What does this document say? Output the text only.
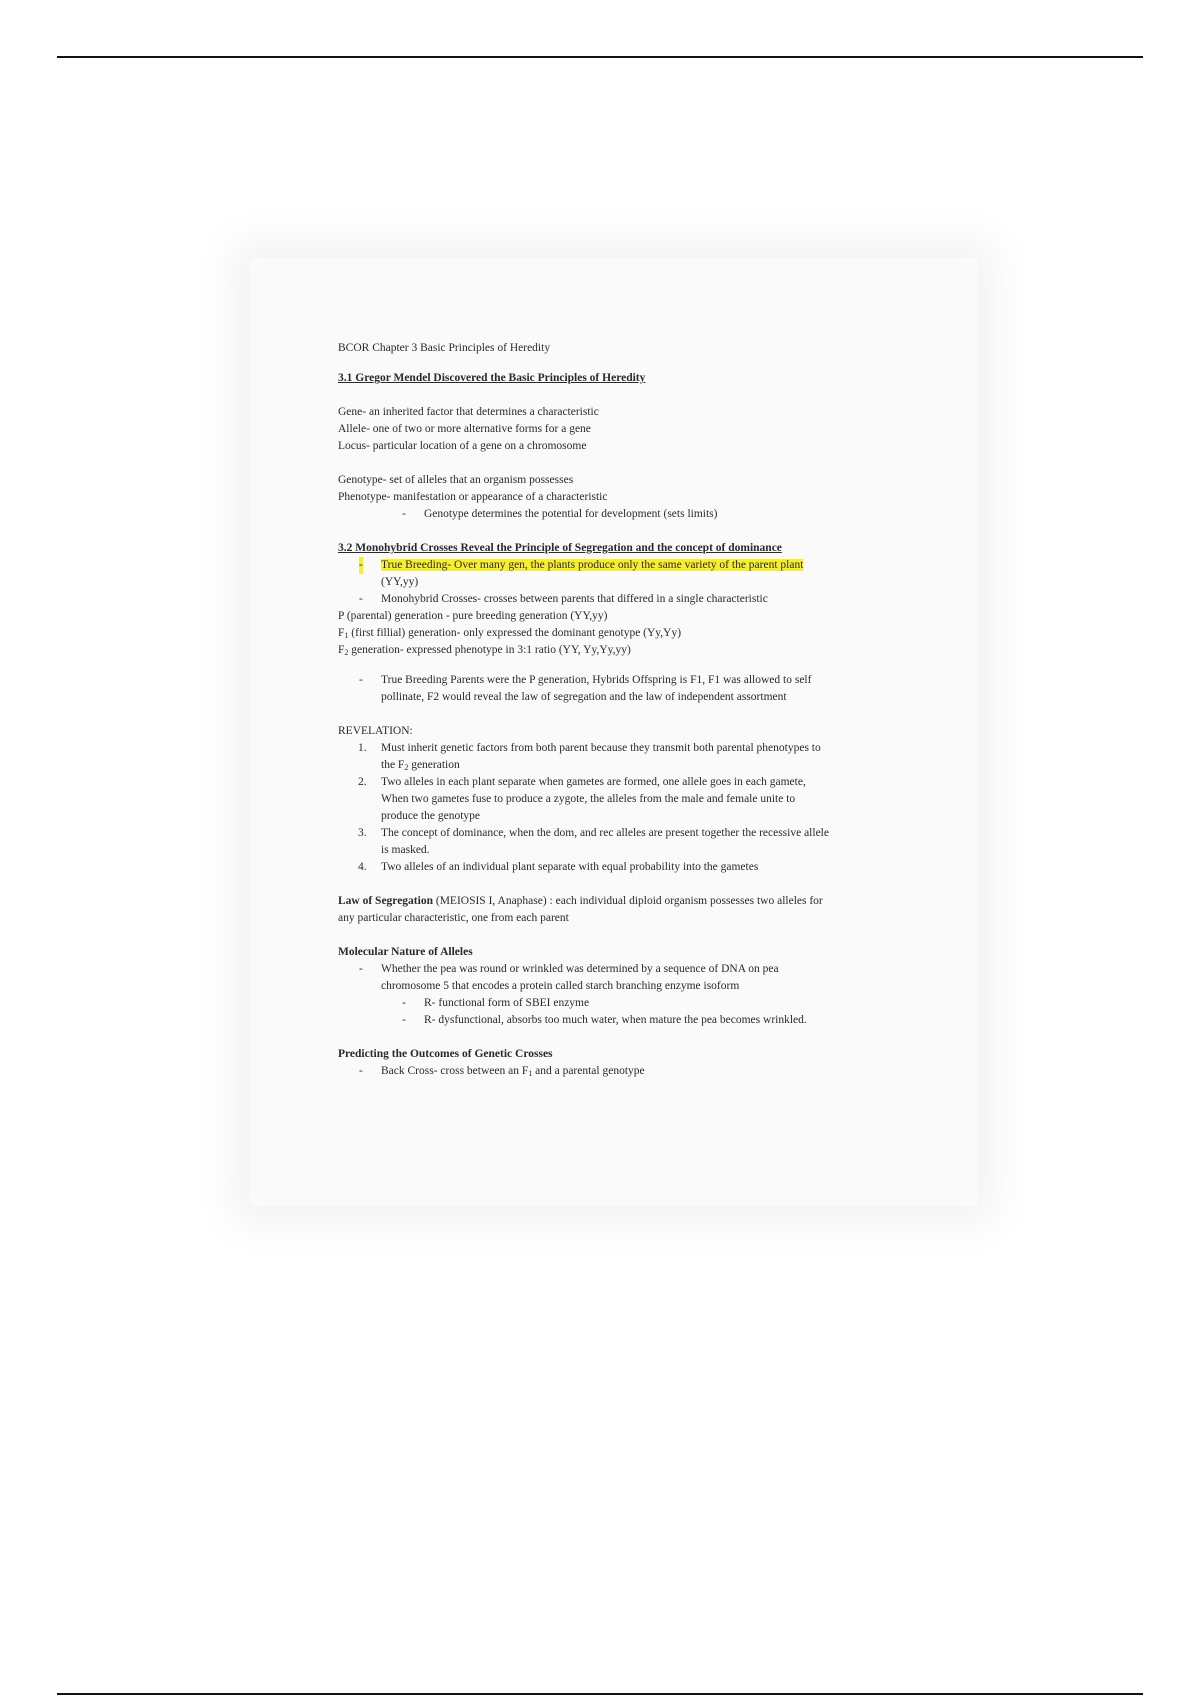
BCOR Chapter 3 Basic Principles of Heredity
3.1 Gregor Mendel Discovered the Basic Principles of Heredity
Gene- an inherited factor that determines a characteristic
Allele- one of two or more alternative forms for a gene
Locus- particular location of a gene on a chromosome
Genotype- set of alleles that an organism possesses
Phenotype- manifestation or appearance of a characteristic
- Genotype determines the potential for development (sets limits)
3.2 Monohybrid Crosses Reveal the Principle of Segregation and the concept of dominance
- True Breeding- Over many gen, the plants produce only the same variety of the parent plant
(YY,yy)
- Monohybrid Crosses- crosses between parents that differed in a single characteristic
P (parental) generation - pure breeding generation (YY,yy)
$F_1$ (first fillial) generation- only expressed the dominant genotype (Yy,Yy)
$F_2$ generation- expressed phenotype in 3:1 ratio (YY, Yy,Yy,yy)
- True Breeding Parents were the P generation, Hybrids Offspring is F1, F1 was allowed to self
pollinate, F2 would reveal the law of segregation and the law of independent assortment
REVELATION:
1. Must inherit genetic factors from both parent because they transmit both parental phenotypes to
the $F_2$ generation
2. Two alleles in each plant separate when gametes are formed, one allele goes in each gamete,
When two gametes fuse to produce a zygote, the alleles from the male and female unite to
produce the genotype
3. The concept of dominance, when the dom, and rec alleles are present together the recessive allele
is masked.
4. Two alleles of an individual plant separate with equal probability into the gametes
Law of Segregation (MEIOSIS I, Anaphase) : each individual diploid organism possesses two alleles for
any particular characteristic, one from each parent
Molecular Nature of Alleles
- Whether the pea was round or wrinkled was determined by a sequence of DNA on pea
chromosome 5 that encodes a protein called starch branching enzyme isoform
- R- functional form of SBEI enzyme
- R- dysfunctional, absorbs too much water, when mature the pea becomes wrinkled.
Predicting the Outcomes of Genetic Crosses
- Back Cross- cross between an $F_1$ and a parental genotype
